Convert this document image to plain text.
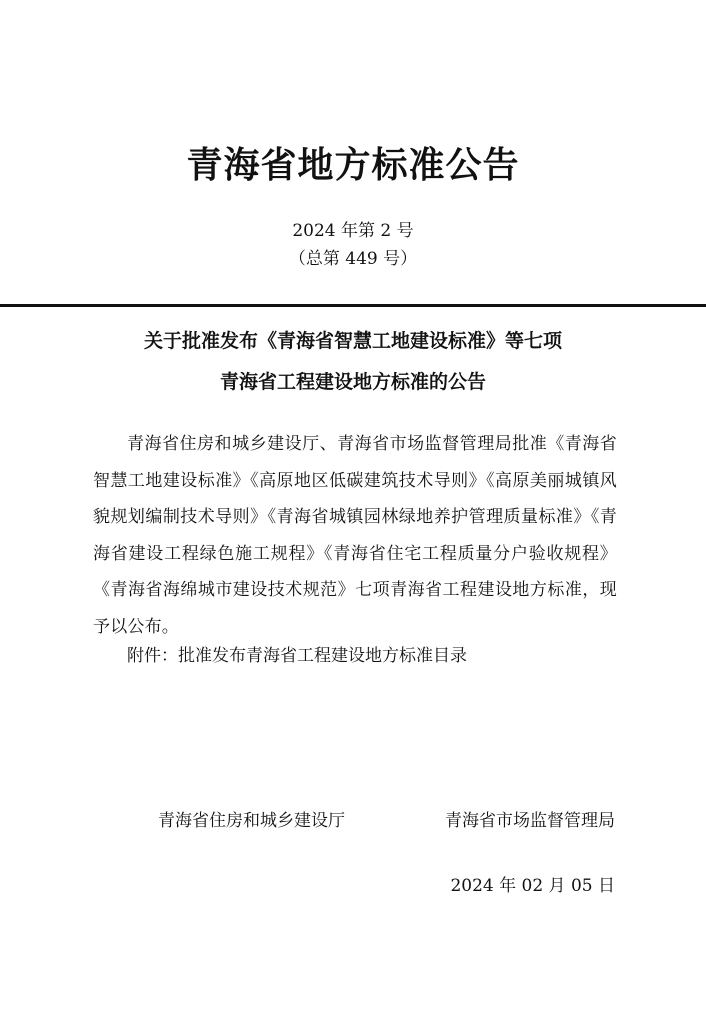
青海省地方标准公告
2024 年第 2 号
（总第 449 号）
关于批准发布《青海省智慧工地建设标准》等七项
青海省工程建设地方标准的公告
青海省住房和城乡建设厅、青海省市场监督管理局批准《青海省智慧工地建设标准》《高原地区低碳建筑技术导则》《高原美丽城镇风貌规划编制技术导则》《青海省城镇园林绿地养护管理质量标准》《青海省建设工程绿色施工规程》《青海省住宅工程质量分户验收规程》《青海省海绵城市建设技术规范》七项青海省工程建设地方标准，现予以公布。
附件：批准发布青海省工程建设地方标准目录
青海省住房和城乡建设厅	青海省市场监督管理局
2024 年 02 月 05 日
